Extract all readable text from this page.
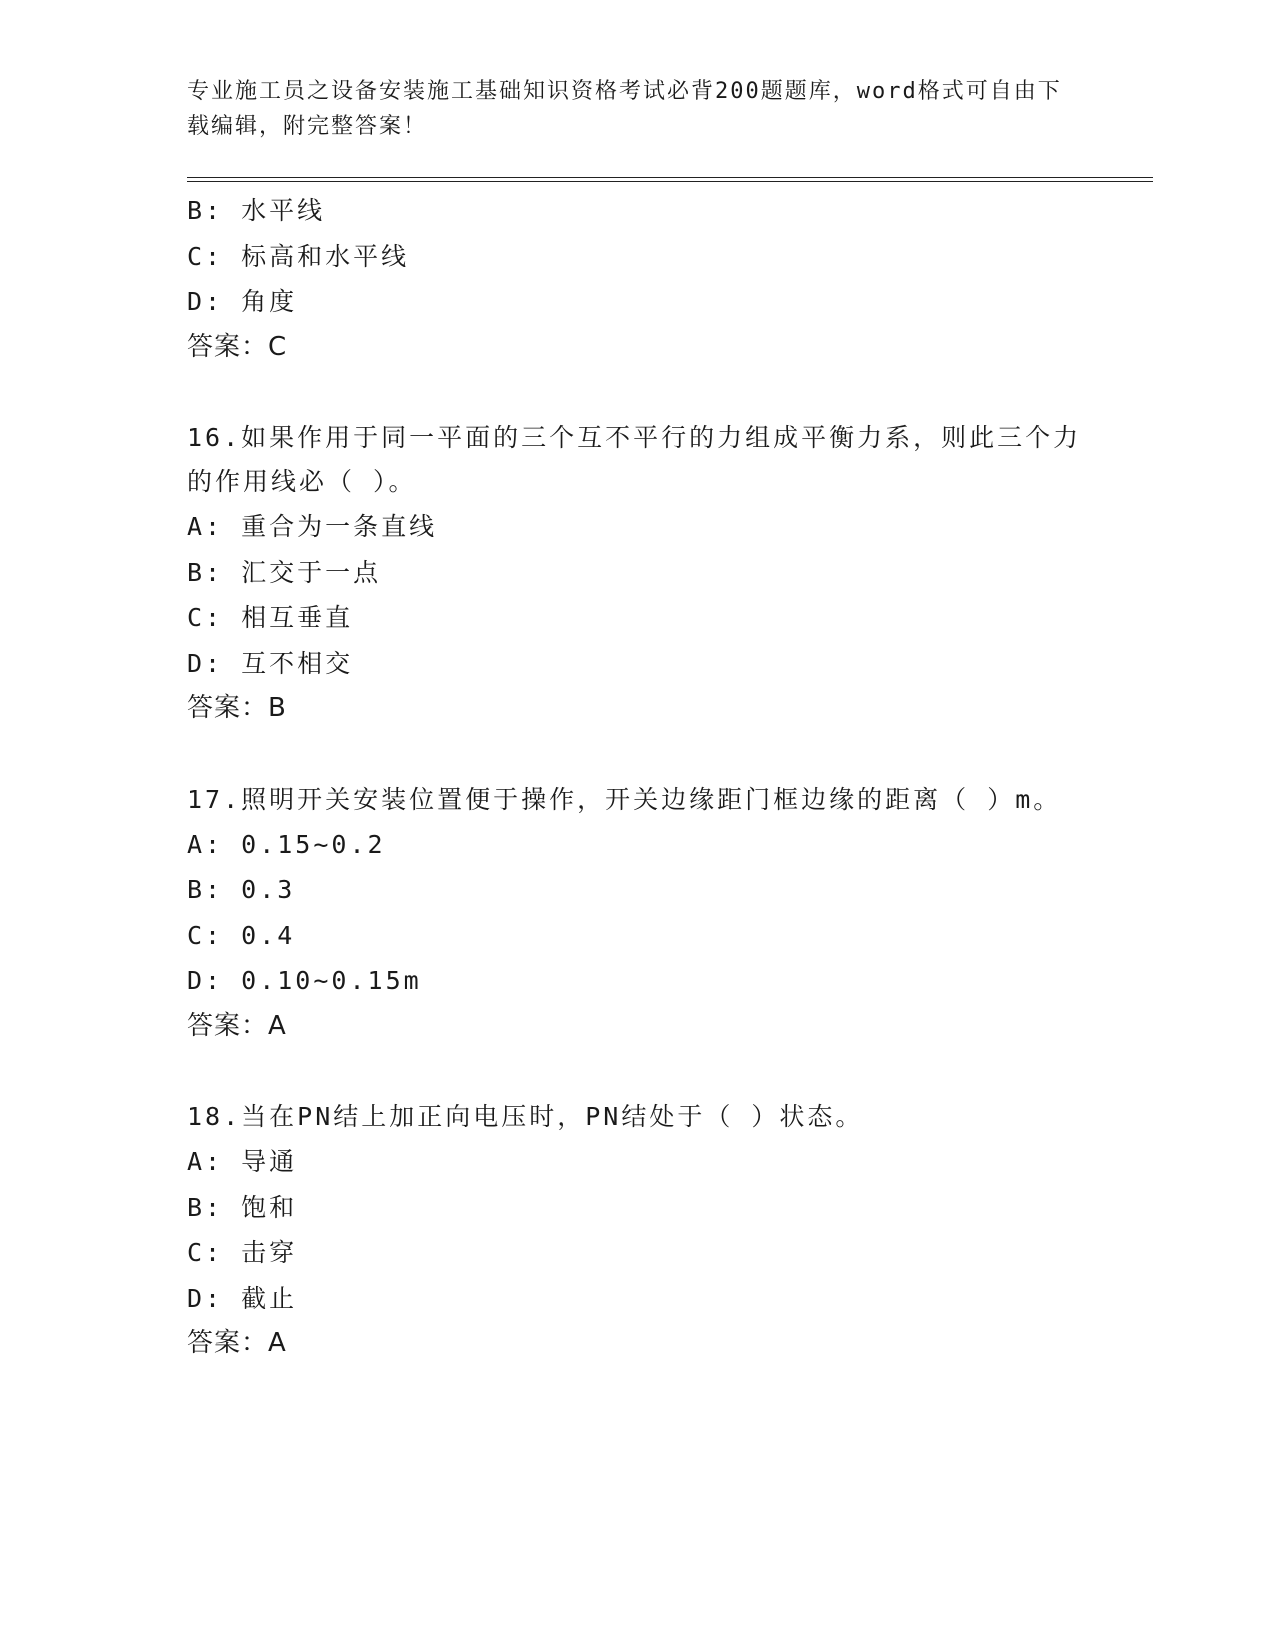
专业施工员之设备安装施工基础知识资格考试必背200题题库，word格式可自由下载编辑，附完整答案！
B: 水平线
C: 标高和水平线
D: 角度
答案：C
16.如果作用于同一平面的三个互不平行的力组成平衡力系，则此三个力的作用线必（ ）。
A: 重合为一条直线
B: 汇交于一点
C: 相互垂直
D: 互不相交
答案：B
17.照明开关安装位置便于操作，开关边缘距门框边缘的距离（ ）m。
A: 0.15~0.2
B: 0.3
C: 0.4
D: 0.10~0.15m
答案：A
18.当在PN结上加正向电压时，PN结处于（ ）状态。
A: 导通
B: 饱和
C: 击穿
D: 截止
答案：A
